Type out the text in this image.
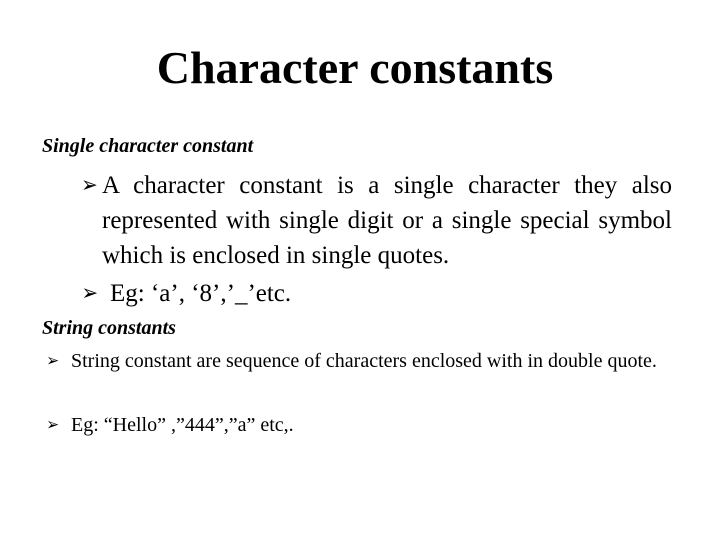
Character constants
Single character constant
➢ A character constant is a single character they also represented with single digit or a single special symbol which is enclosed in single quotes.
➢ Eg: ‘a’, ‘8’,’_’etc.
String constants
➢ String constant are sequence of characters enclosed with in double quote.
➢ Eg: “Hello” ,”444”,”a” etc,.
